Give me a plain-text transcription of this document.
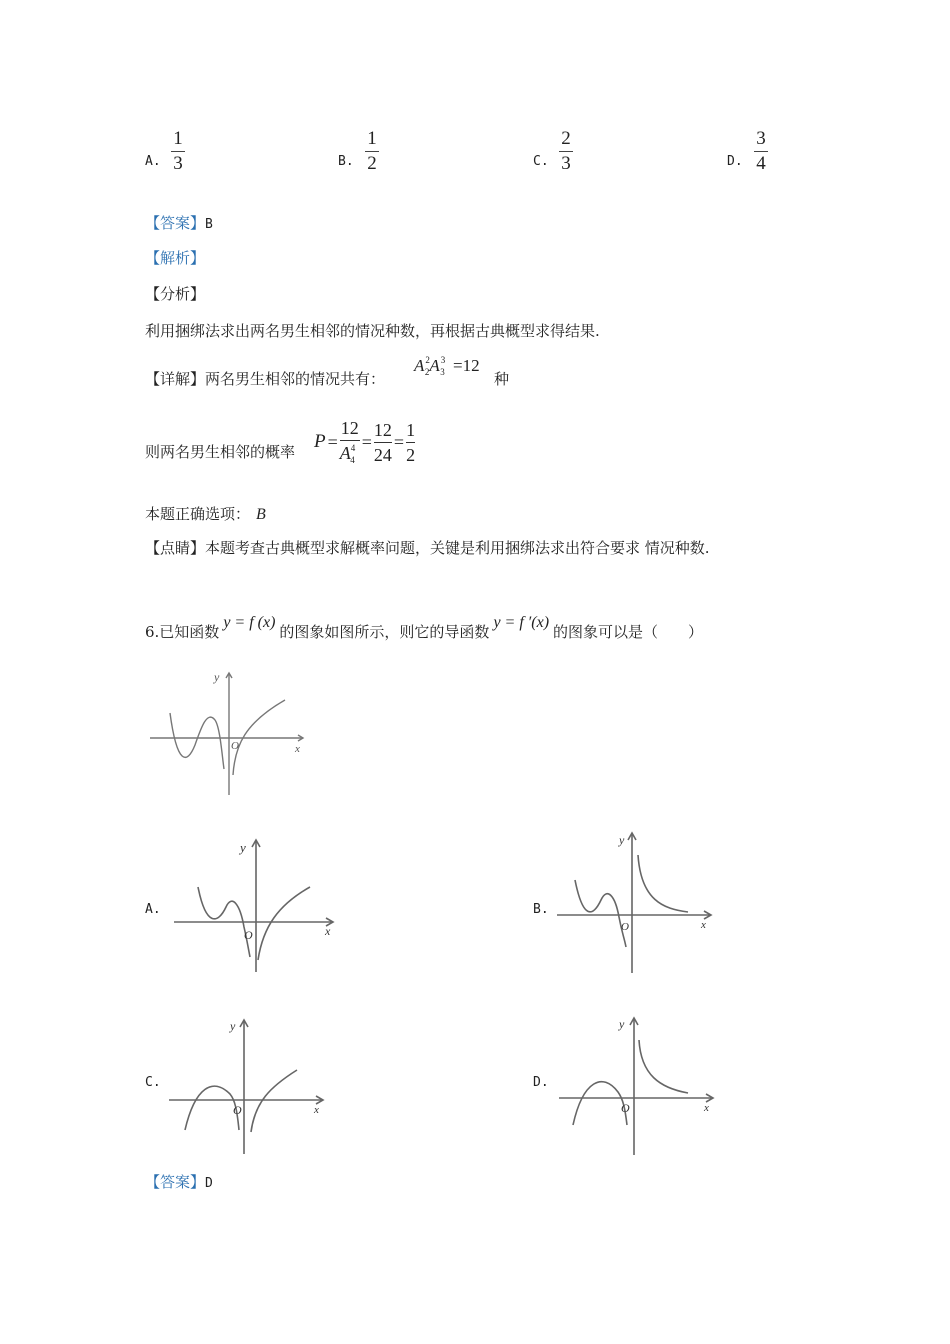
A.
1
3	B.
1
2	C.
2
3	D.
3
4
【答案】B
【解析】
【分析】
利用捆绑法求出两名男生相邻的情况种数，再根据古典概型求得结果.
【详解】两名男生相邻的情况共有：
$A^2_2A^3_3 =12$
种
则两名男生相邻的概率 P =
12
$A^4_4$
=
12
24
=
1
2
本题正确选项： B
【点睛】本题考查古典概型求解概率问题，关键是利用捆绑法求出符合要求 情况种数.
6.已知函数y = f (x)的图象如图所示，则它的导函数y = f ′(x)的图象可以是（　　）
y
x
O
A.
y
x
O
B.
y
x
O
C.
y
x
O
D.
y
x
O
【答案】D
